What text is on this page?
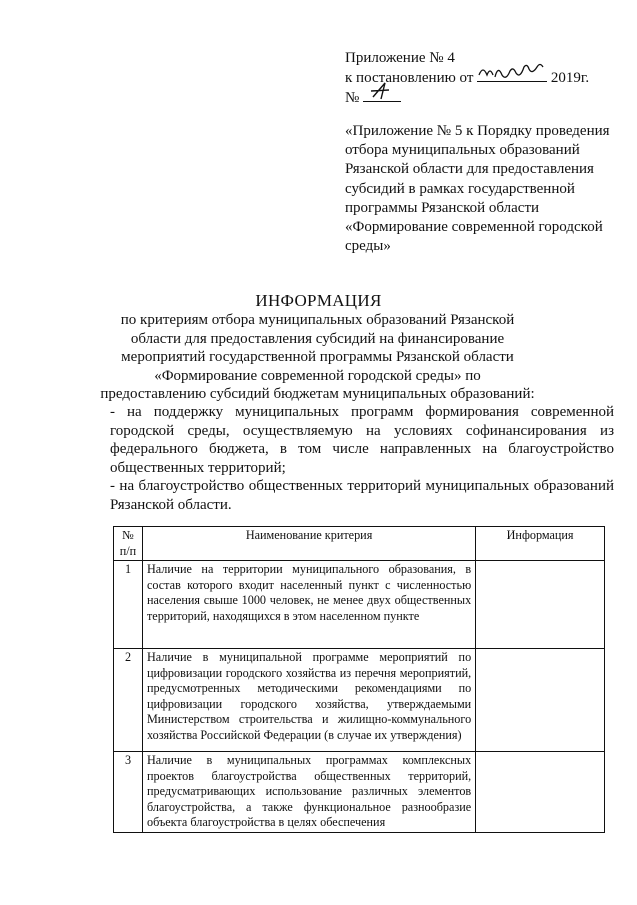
Приложение № 4
к постановлению от	2019г.
№
«Приложение № 5 к Порядку проведения отбора муниципальных образований Рязанской области для предоставления субсидий в рамках государственной программы Рязанской области «Формирование современной городской среды»
ИНФОРМАЦИЯ
по критериям отбора муниципальных образований Рязанской области для предоставления субсидий на финансирование мероприятий государственной программы Рязанской области «Формирование современной городской среды» по предоставлению субсидий бюджетам муниципальных образований:

- на поддержку муниципальных программ формирования современной городской среды, осуществляемую на условиях софинансирования из федерального бюджета, в том числе направленных на благоустройство общественных территорий;

- на благоустройство общественных территорий муниципальных образований Рязанской области.

№ п/п	Наименование критерия	Информация
1	Наличие на территории муниципального образования, в состав которого входит населенный пункт с численностью населения свыше 1000 человек, не менее двух общественных территорий, находящихся в этом населенном пункте	
2	Наличие в муниципальной программе мероприятий по цифровизации городского хозяйства из перечня мероприятий, предусмотренных методическими рекомендациями по цифровизации городского хозяйства, утверждаемыми Министерством строительства и жилищно-коммунального хозяйства Российской Федерации (в случае их утверждения)	
3	Наличие в муниципальных программах комплексных проектов благоустройства общественных территорий, предусматривающих использование различных элементов благоустройства, а также функциональное разнообразие объекта благоустройства в целях обеспечения	
